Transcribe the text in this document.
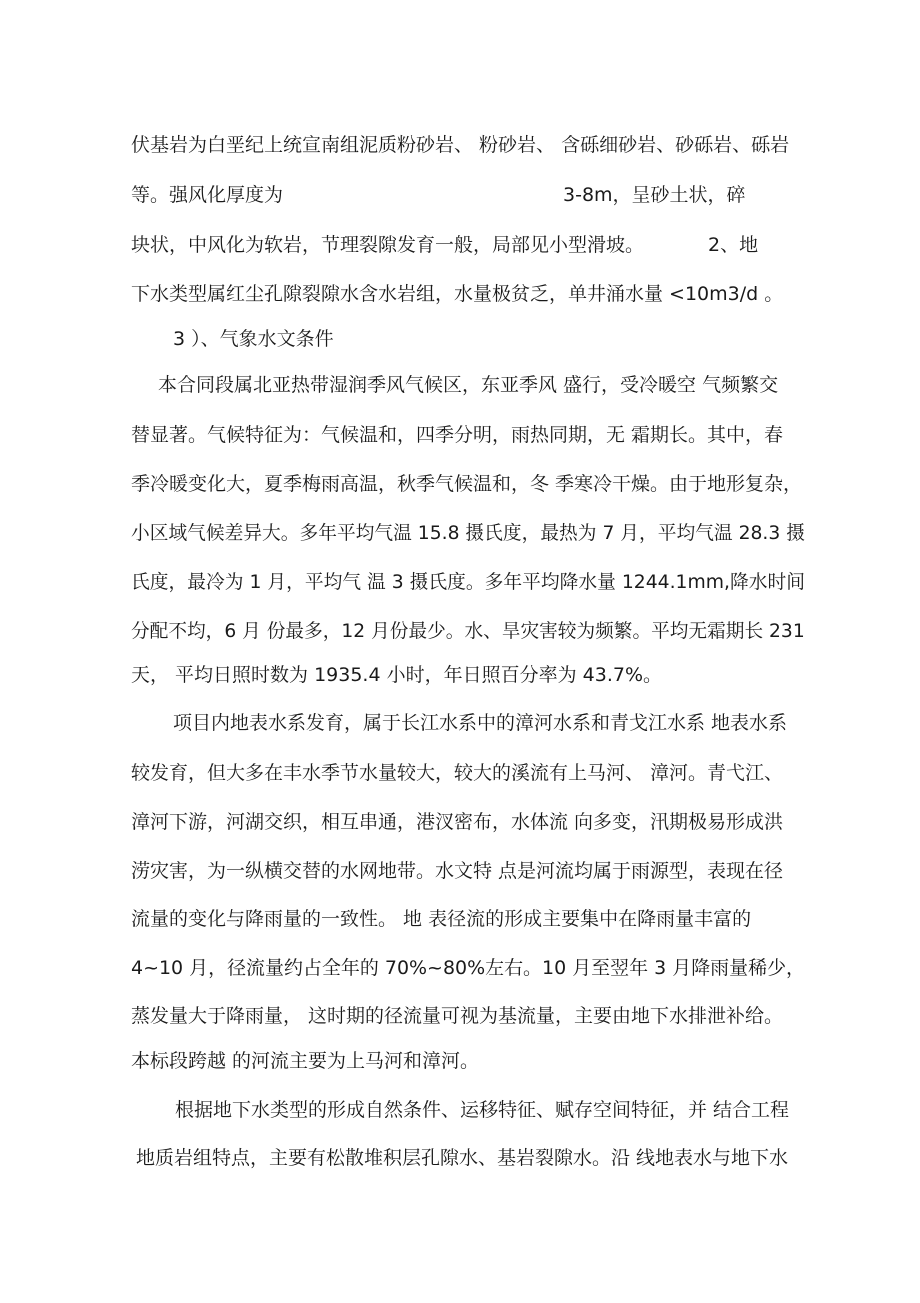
伏基岩为白垩纪上统宣南组泥质粉砂岩、 粉砂岩、 含砾细砂岩、砂砾岩、砾岩
等。强风化厚度为	3-8m，呈砂土状，碎
块状，中风化为软岩，节理裂隙发育一般，局部见小型滑坡。	2、地
下水类型属红尘孔隙裂隙水含水岩组，水量极贫乏，单井涌水量 <10m3/d 。
3 ）、气象水文条件
本合同段属北亚热带湿润季风气候区，东亚季风 盛行，受冷暖空 气频繁交
替显著。气候特征为：气候温和，四季分明，雨热同期，无 霜期长。其中，春
季冷暖变化大，夏季梅雨高温，秋季气候温和，冬 季寒冷干燥。由于地形复杂，
小区域气候差异大。多年平均气温 15.8 摄氏度，最热为 7 月，平均气温 28.3 摄
氏度，最冷为 1 月，平均气 温 3 摄氏度。多年平均降水量 1244.1mm,降水时间
分配不均，6 月 份最多，12 月份最少。水、旱灾害较为频繁。平均无霜期长 231
天， 平均日照时数为 1935.4 小时，年日照百分率为 43.7%。
项目内地表水系发育，属于长江水系中的漳河水系和青戈江水系 地表水系
较发育，但大多在丰水季节水量较大，较大的溪流有上马河、 漳河。青弋江、
漳河下游，河湖交织，相互串通，港汊密布，水体流 向多变，汛期极易形成洪
涝灾害，为一纵横交替的水网地带。水文特 点是河流均属于雨源型，表现在径
流量的变化与降雨量的一致性。 地 表径流的形成主要集中在降雨量丰富的
4~10 月，径流量约占全年的 70%~80%左右。10 月至翌年 3 月降雨量稀少，
蒸发量大于降雨量， 这时期的径流量可视为基流量，主要由地下水排泄补给。
本标段跨越 的河流主要为上马河和漳河。
根据地下水类型的形成自然条件、运移特征、赋存空间特征，并 结合工程
地质岩组特点，主要有松散堆积层孔隙水、基岩裂隙水。沿 线地表水与地下水
